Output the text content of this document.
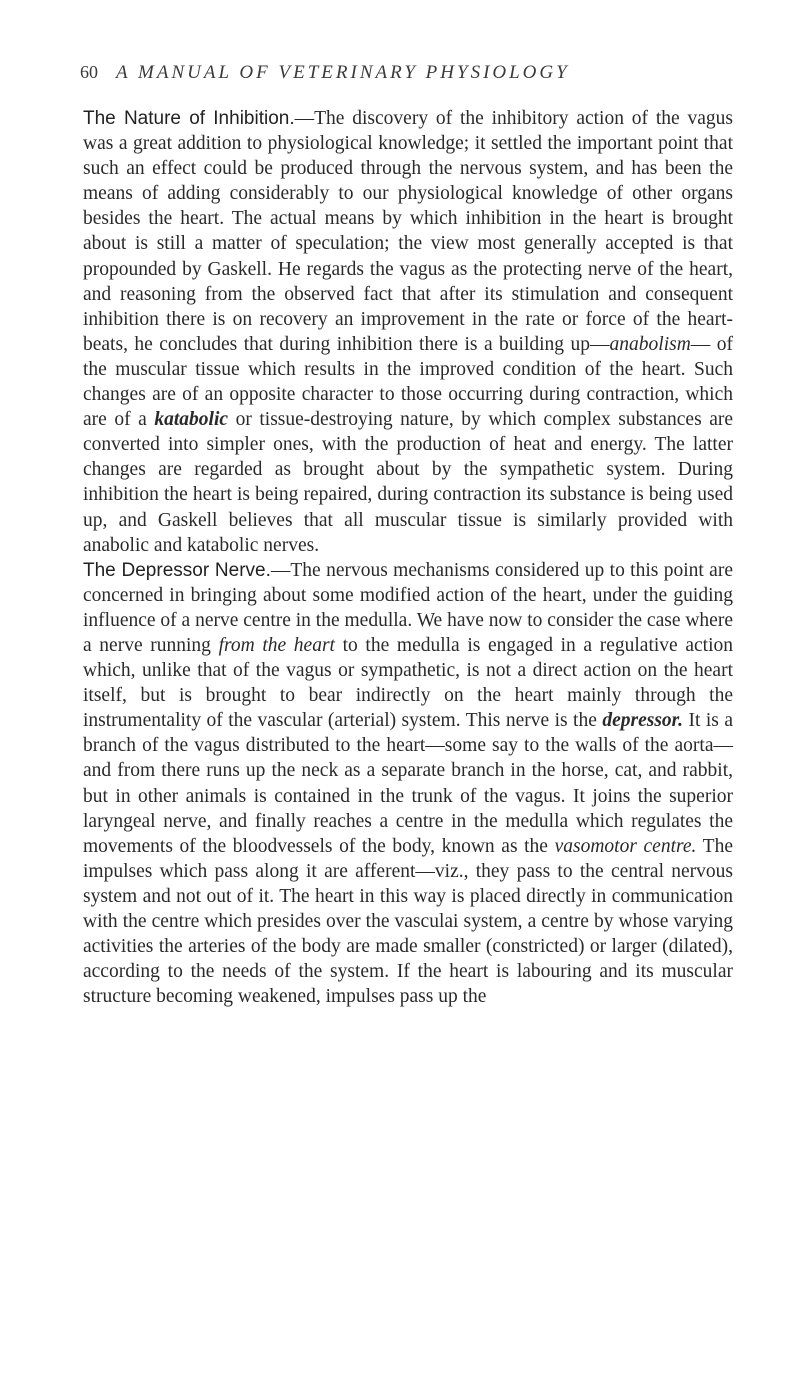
60 A MANUAL OF VETERINARY PHYSIOLOGY

The Nature of Inhibition.—The discovery of the inhibitory action of the vagus was a great addition to physiological knowledge; it settled the important point that such an effect could be produced through the nervous system, and has been the means of adding considerably to our physiological knowledge of other organs besides the heart. The actual means by which inhibition in the heart is brought about is still a matter of speculation; the view most generally accepted is that propounded by Gaskell. He regards the vagus as the protecting nerve of the heart, and reasoning from the observed fact that after its stimulation and consequent inhibition there is on recovery an improvement in the rate or force of the heart-beats, he concludes that during inhibition there is a building up—anabolism— of the muscular tissue which results in the improved condition of the heart. Such changes are of an opposite character to those occurring during contraction, which are of a katabolic or tissue-destroying nature, by which complex substances are converted into simpler ones, with the production of heat and energy. The latter changes are regarded as brought about by the sympathetic system. During inhibition the heart is being repaired, during contraction its substance is being used up, and Gaskell believes that all muscular tissue is similarly provided with anabolic and katabolic nerves.

The Depressor Nerve.—The nervous mechanisms considered up to this point are concerned in bringing about some modified action of the heart, under the guiding influence of a nerve centre in the medulla. We have now to consider the case where a nerve running from the heart to the medulla is engaged in a regulative action which, unlike that of the vagus or sympathetic, is not a direct action on the heart itself, but is brought to bear indirectly on the heart mainly through the instrumentality of the vascular (arterial) system. This nerve is the depressor. It is a branch of the vagus distributed to the heart—some say to the walls of the aorta—and from there runs up the neck as a separate branch in the horse, cat, and rabbit, but in other animals is contained in the trunk of the vagus. It joins the superior laryngeal nerve, and finally reaches a centre in the medulla which regulates the movements of the bloodvessels of the body, known as the vasomotor centre. The impulses which pass along it are afferent—viz., they pass to the central nervous system and not out of it. The heart in this way is placed directly in communication with the centre which presides over the vasculai system, a centre by whose varying activities the arteries of the body are made smaller (constricted) or larger (dilated), according to the needs of the system. If the heart is labouring and its muscular structure becoming weakened, impulses pass up the
